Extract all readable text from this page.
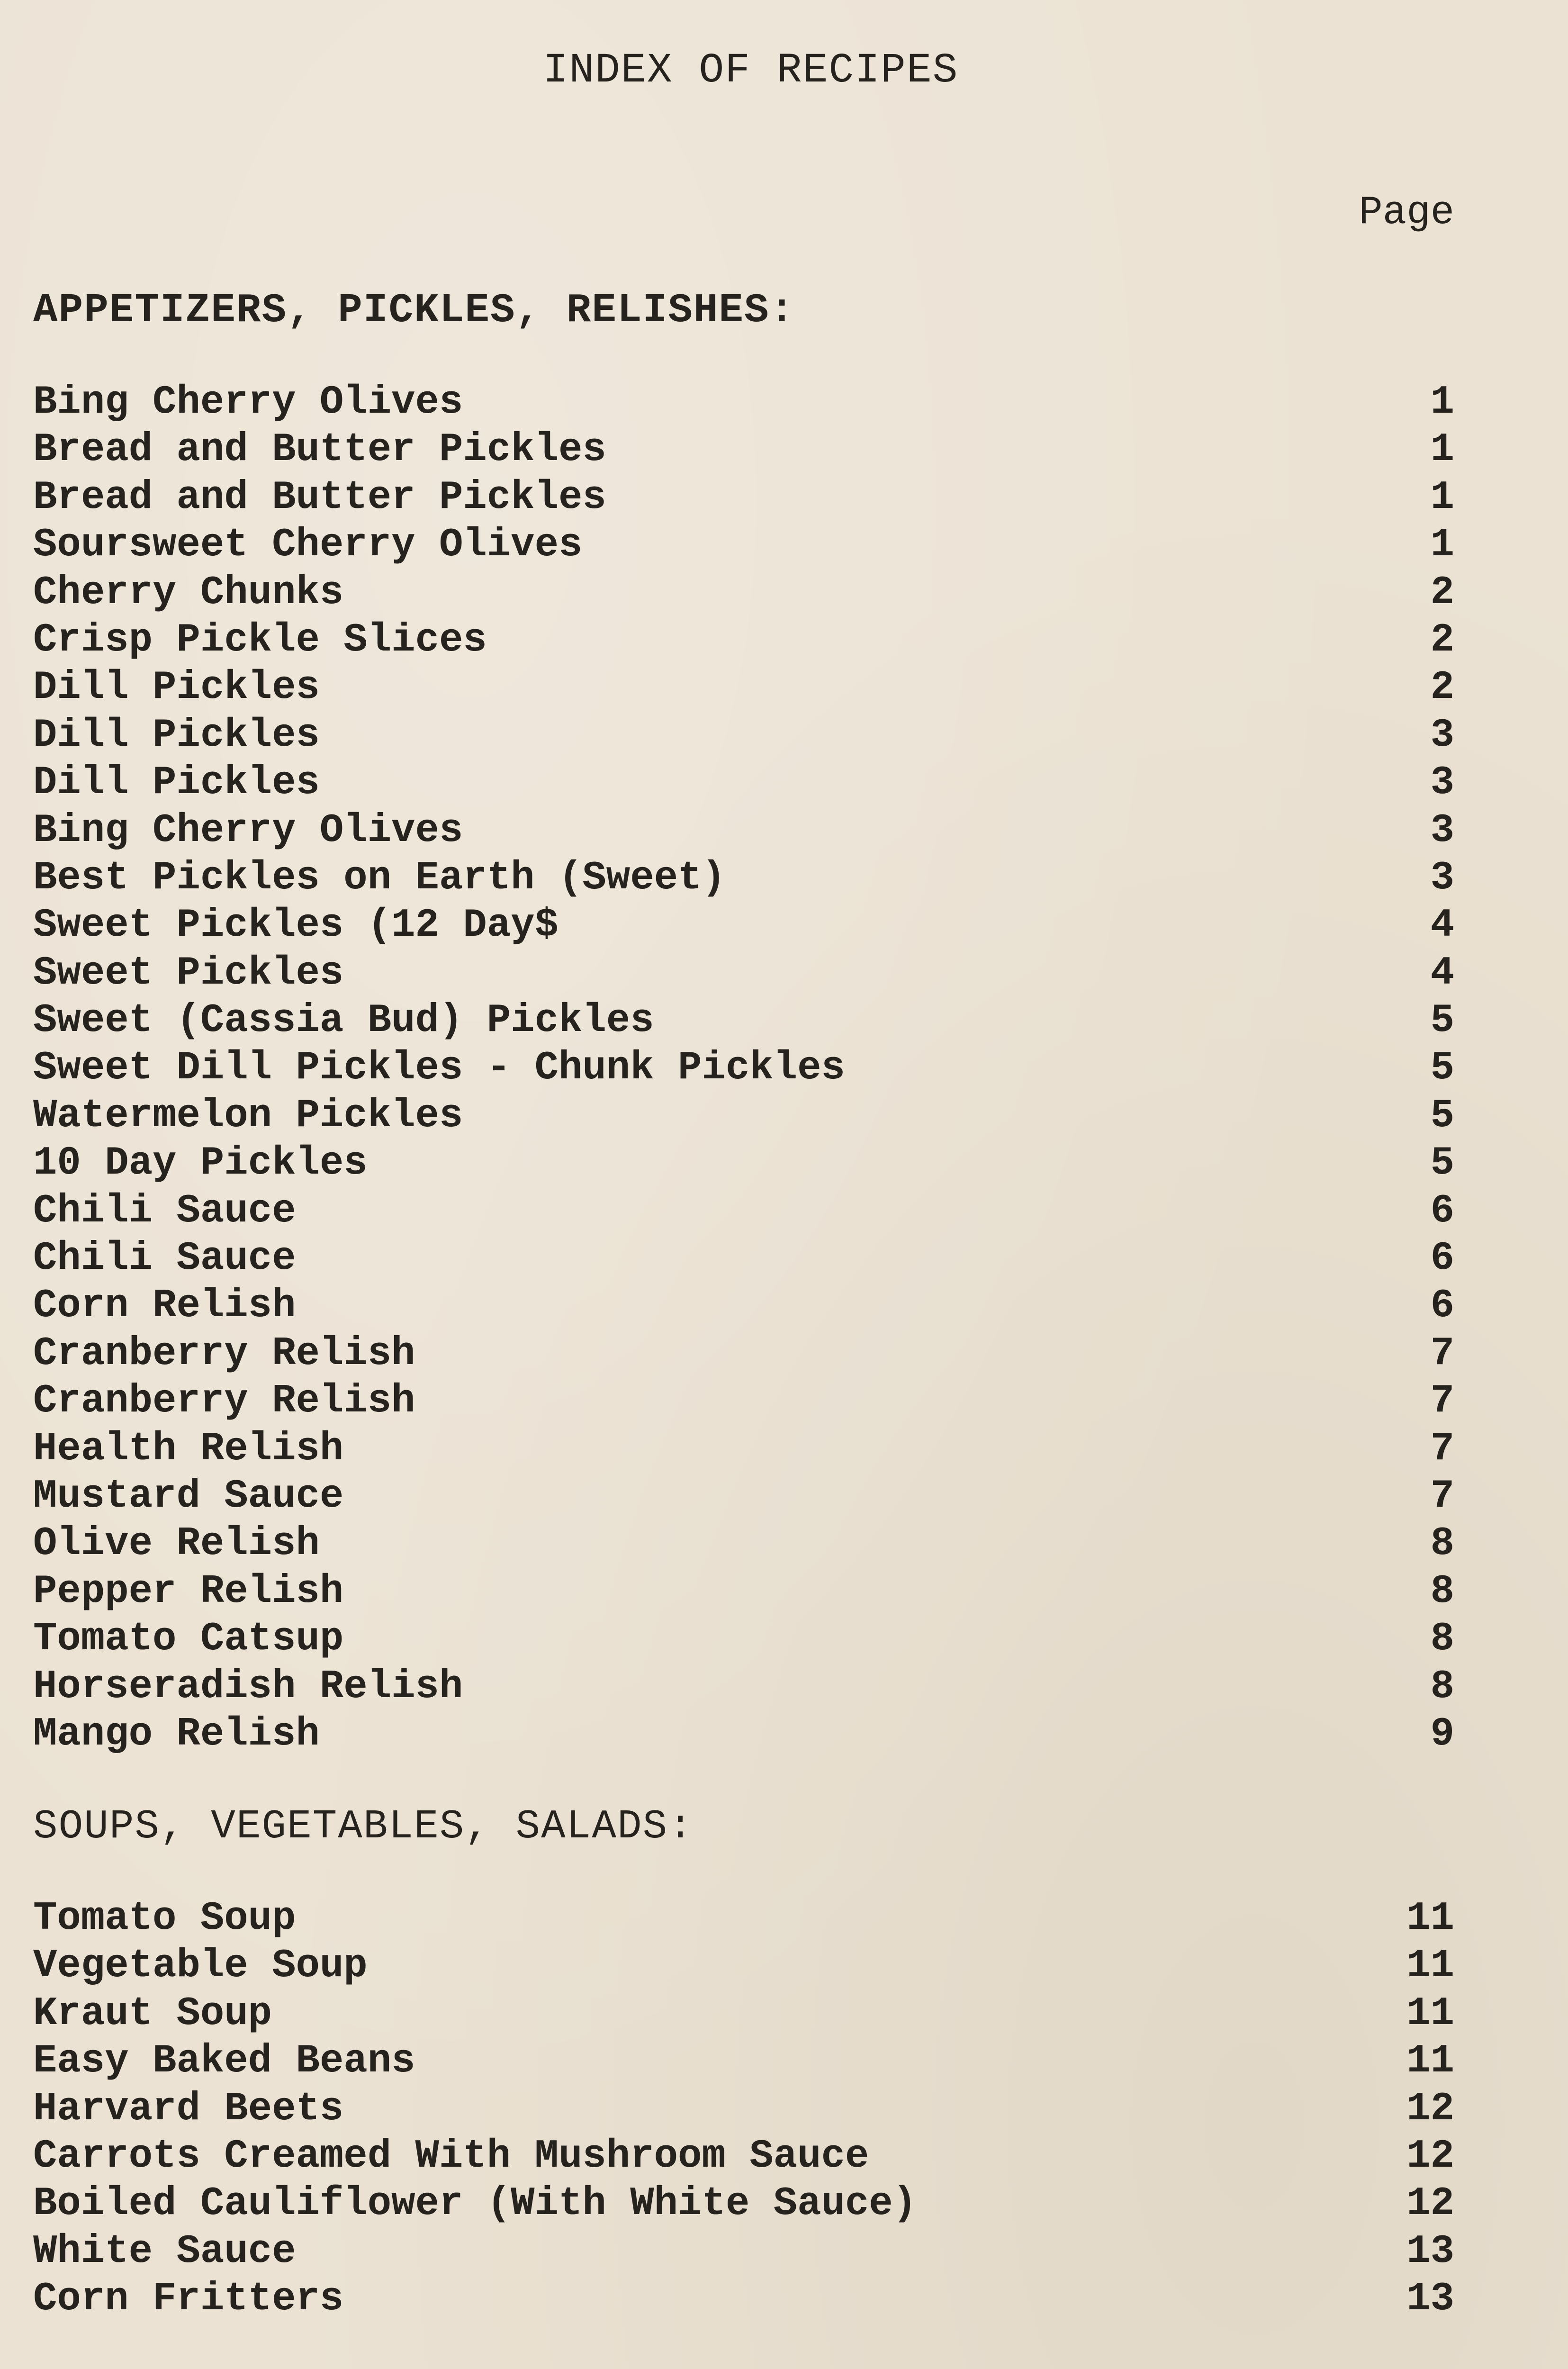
INDEX OF RECIPES
Page
APPETIZERS, PICKLES, RELISHES:
Bing Cherry Olives	1
Bread and Butter Pickles	1
Bread and Butter Pickles	1
Soursweet Cherry Olives	1
Cherry Chunks	2
Crisp Pickle Slices	2
Dill Pickles	2
Dill Pickles	3
Dill Pickles	3
Bing Cherry Olives	3
Best Pickles on Earth (Sweet)	3
Sweet Pickles (12 Day$	4
Sweet Pickles	4
Sweet (Cassia Bud) Pickles	5
Sweet Dill Pickles - Chunk Pickles	5
Watermelon Pickles	5
10 Day Pickles	5
Chili Sauce	6
Chili Sauce	6
Corn Relish	6
Cranberry Relish	7
Cranberry Relish	7
Health Relish	7
Mustard Sauce	7
Olive Relish	8
Pepper Relish	8
Tomato Catsup	8
Horseradish Relish	8
Mango Relish	9
SOUPS, VEGETABLES, SALADS:
Tomato Soup	11
Vegetable Soup	11
Kraut Soup	11
Easy Baked Beans	11
Harvard Beets	12
Carrots Creamed With Mushroom Sauce	12
Boiled Cauliflower (With White Sauce)	12
White Sauce	13
Corn Fritters	13
